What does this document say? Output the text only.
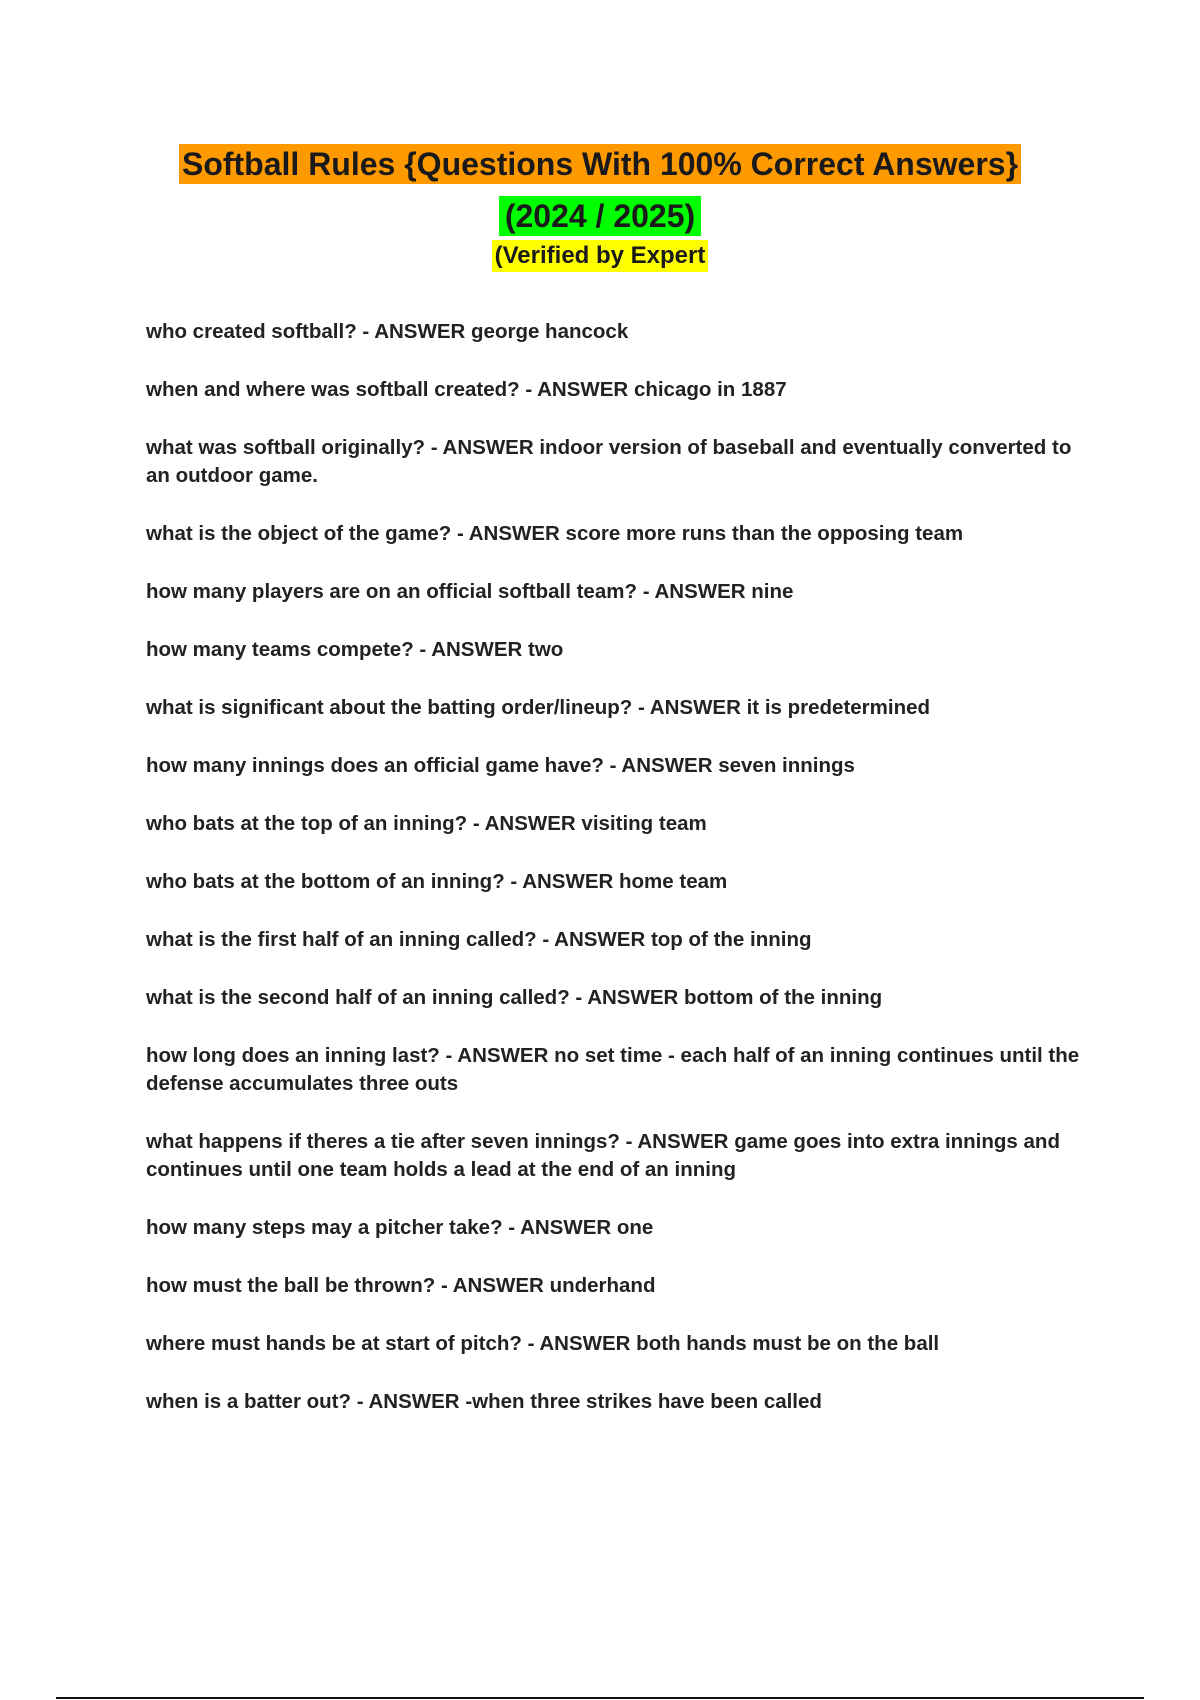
Softball Rules {Questions With 100% Correct Answers}
(2024 / 2025)
(Verified by Expert
who created softball? - ANSWER george hancock
when and where was softball created? - ANSWER chicago in 1887
what was softball originally? - ANSWER indoor version of baseball and eventually converted to an outdoor game.
what is the object of the game? - ANSWER score more runs than the opposing team
how many players are on an official softball team? - ANSWER nine
how many teams compete? - ANSWER two
what is significant about the batting order/lineup? - ANSWER it is predetermined
how many innings does an official game have? - ANSWER seven innings
who bats at the top of an inning? - ANSWER visiting team
who bats at the bottom of an inning? - ANSWER home team
what is the first half of an inning called? - ANSWER top of the inning
what is the second half of an inning called? - ANSWER bottom of the inning
how long does an inning last? - ANSWER no set time - each half of an inning continues until the defense accumulates three outs
what happens if theres a tie after seven innings? - ANSWER game goes into extra innings and continues until one team holds a lead at the end of an inning
how many steps may a pitcher take? - ANSWER one
how must the ball be thrown? - ANSWER underhand
where must hands be at start of pitch? - ANSWER both hands must be on the ball
when is a batter out? - ANSWER -when three strikes have been called
